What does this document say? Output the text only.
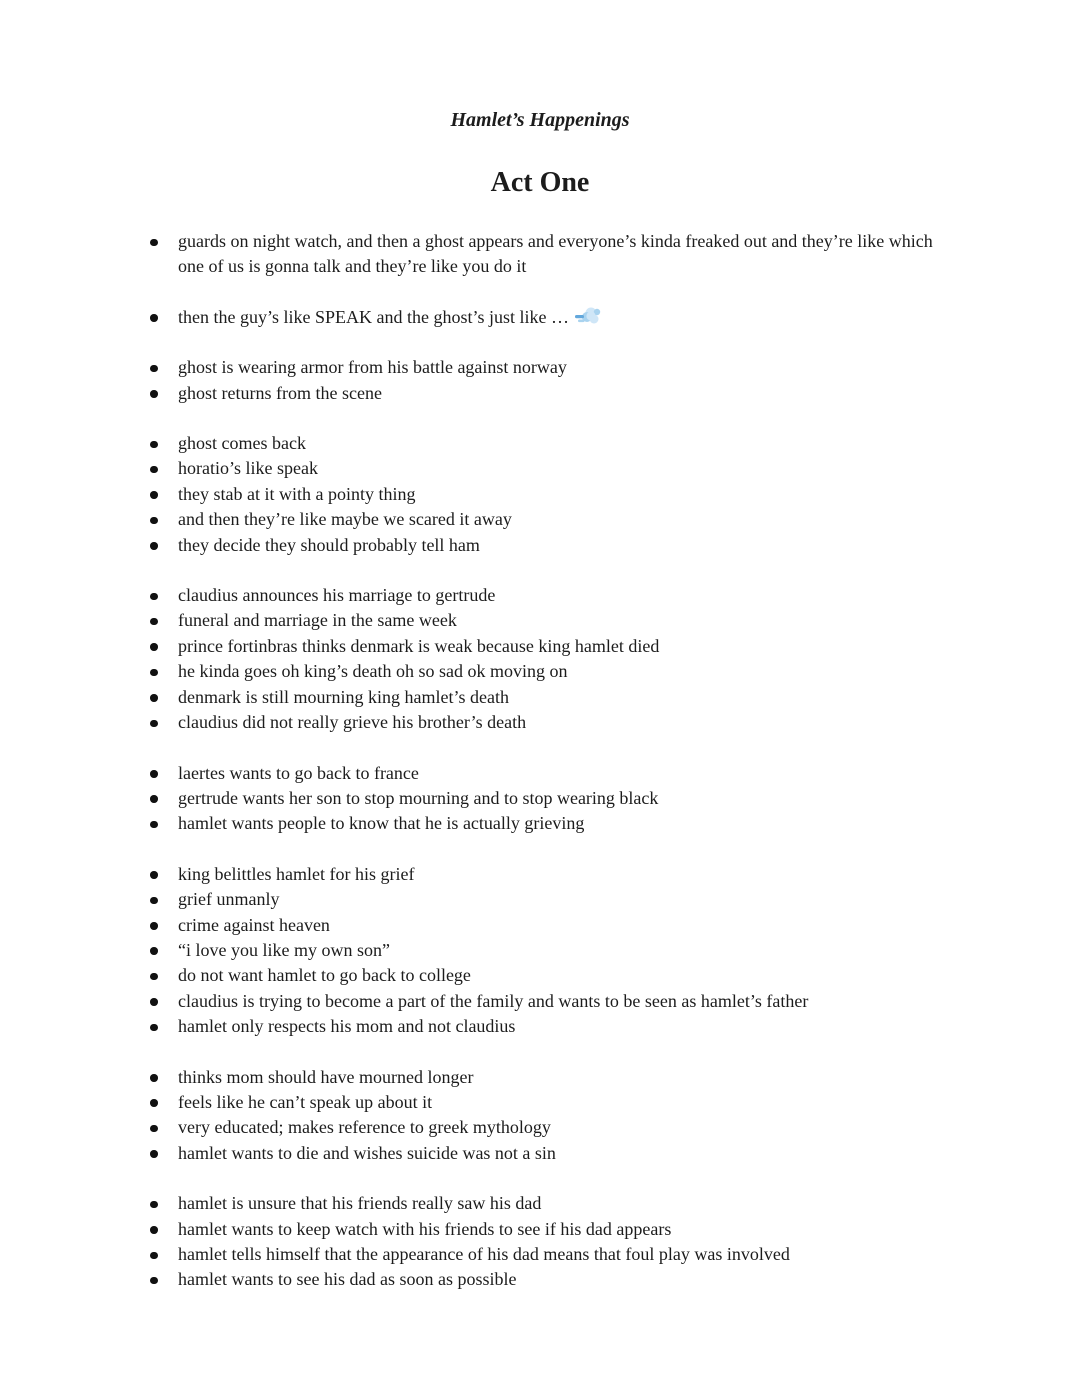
Hamlet’s Happenings

Act One
guards on night watch, and then a ghost appears and everyone’s kinda freaked out and they’re like which one of us is gonna talk and they’re like you do it
then the guy’s like SPEAK and the ghost’s just like …
ghost is wearing armor from his battle against norway
ghost returns from the scene
ghost comes back
horatio’s like speak
they stab at it with a pointy thing
and then they’re like maybe we scared it away
they decide they should probably tell ham
claudius announces his marriage to gertrude
funeral and marriage in the same week
prince fortinbras thinks denmark is weak because king hamlet died
he kinda goes oh king’s death oh so sad ok moving on
denmark is still mourning king hamlet’s death
claudius did not really grieve his brother’s death
laertes wants to go back to france
gertrude wants her son to stop mourning and to stop wearing black
hamlet wants people to know that he is actually grieving
king belittles hamlet for his grief
grief unmanly
crime against heaven
“i love you like my own son”
do not want hamlet to go back to college
claudius is trying to become a part of the family and wants to be seen as hamlet’s father
hamlet only respects his mom and not claudius
thinks mom should have mourned longer
feels like he can’t speak up about it
very educated; makes reference to greek mythology
hamlet wants to die and wishes suicide was not a sin
hamlet is unsure that his friends really saw his dad
hamlet wants to keep watch with his friends to see if his dad appears
hamlet tells himself that the appearance of his dad means that foul play was involved
hamlet wants to see his dad as soon as possible
